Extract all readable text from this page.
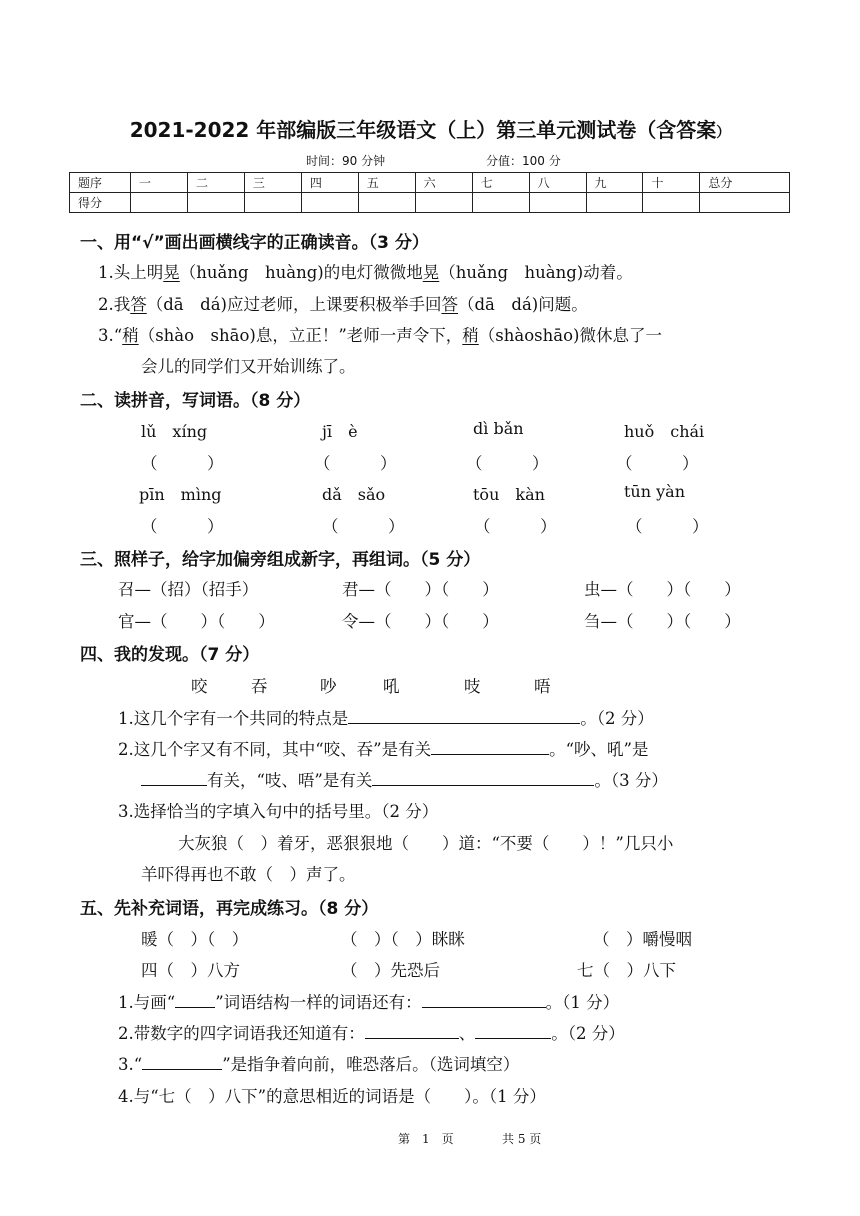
2021-2022 年部编版三年级语文（上）第三单元测试卷（含答案）
时间：90 分钟	分值：100 分
题序	一	二	三	四	五	六	七	八	九	十	总分
得分											
一、用“√”画出画横线字的正确读音。（3 分）
1.头上明晃（huǎng　huàng)的电灯微微地晃（huǎng　huàng)动着。
2.我答（dā　dá)应过老师，上课要积极举手回答（dā　dá)问题。
3.“稍（shào　shāo)息，立正！”老师一声令下，稍（shàoshāo)微休息了一
会儿的同学们又开始训练了。
二、读拼音，写词语。（8 分）
lǔ　xíng	jī　è	dì bǎn	huǒ　chái
（　　　）	（　　　）	（　　　）	（　　　）
pīn　mìng	dǎ　sǎo	tōu　kàn	tūn yàn
（　　　）	（　　　）	（　　　）	（　　　）
三、照样子，给字加偏旁组成新字，再组词。（5 分）
召—（招）（招手）	君—（　　）（　　）	虫—（　　）（　　）
官—（　　）（　　）	令—（　　）（　　）	刍—（　　）（　　）
四、我的发现。（7 分）
咬	吞	吵	吼	吱	唔
1.这几个字有一个共同的特点是	。（2 分）
2.这几个字又有不同，其中“咬、吞”是有关	。“吵、吼”是
有关，“吱、唔”是有关	。（3 分）
3.选择恰当的字填入句中的括号里。（2 分）
大灰狼（　）着牙，恶狠狠地（　　）道：“不要（　　）！”几只小
羊吓得再也不敢（　）声了。
五、先补充词语，再完成练习。（8 分）
暖（　）（　）	（　）（　）眯眯	（　）嚼慢咽
四（　）八方	（　）先恐后	七（　）八下
1.与画“ ”词语结构一样的词语还有：	。（1 分）
2.带数字的四字词语我还知道有：	、	。（2 分）
3.“	”是指争着向前，唯恐落后。（选词填空）
4.与“七（　）八下”的意思相近的词语是（　　）。（1 分）
第　1　页	共 5 页
